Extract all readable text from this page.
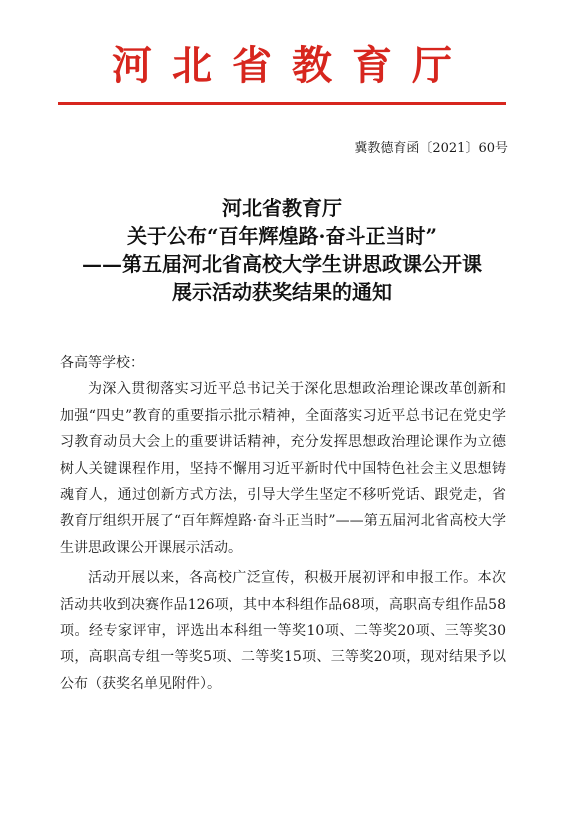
河北省教育厅
冀教德育函〔2021〕60号
河北省教育厅
关于公布“百年辉煌路·奋斗正当时”
——第五届河北省高校大学生讲思政课公开课
展示活动获奖结果的通知

各高等学校：

为深入贯彻落实习近平总书记关于深化思想政治理论课改革创新和加强“四史”教育的重要指示批示精神，全面落实习近平总书记在党史学习教育动员大会上的重要讲话精神，充分发挥思想政治理论课作为立德树人关键课程作用，坚持不懈用习近平新时代中国特色社会主义思想铸魂育人，通过创新方式方法，引导大学生坚定不移听党话、跟党走，省教育厅组织开展了“百年辉煌路·奋斗正当时”——第五届河北省高校大学生讲思政课公开课展示活动。

活动开展以来，各高校广泛宣传，积极开展初评和申报工作。本次活动共收到决赛作品126项，其中本科组作品68项，高职高专组作品58项。经专家评审，评选出本科组一等奖10项、二等奖20项、三等奖30项，高职高专组一等奖5项、二等奖15项、三等奖20项，现对结果予以公布（获奖名单见附件）。
